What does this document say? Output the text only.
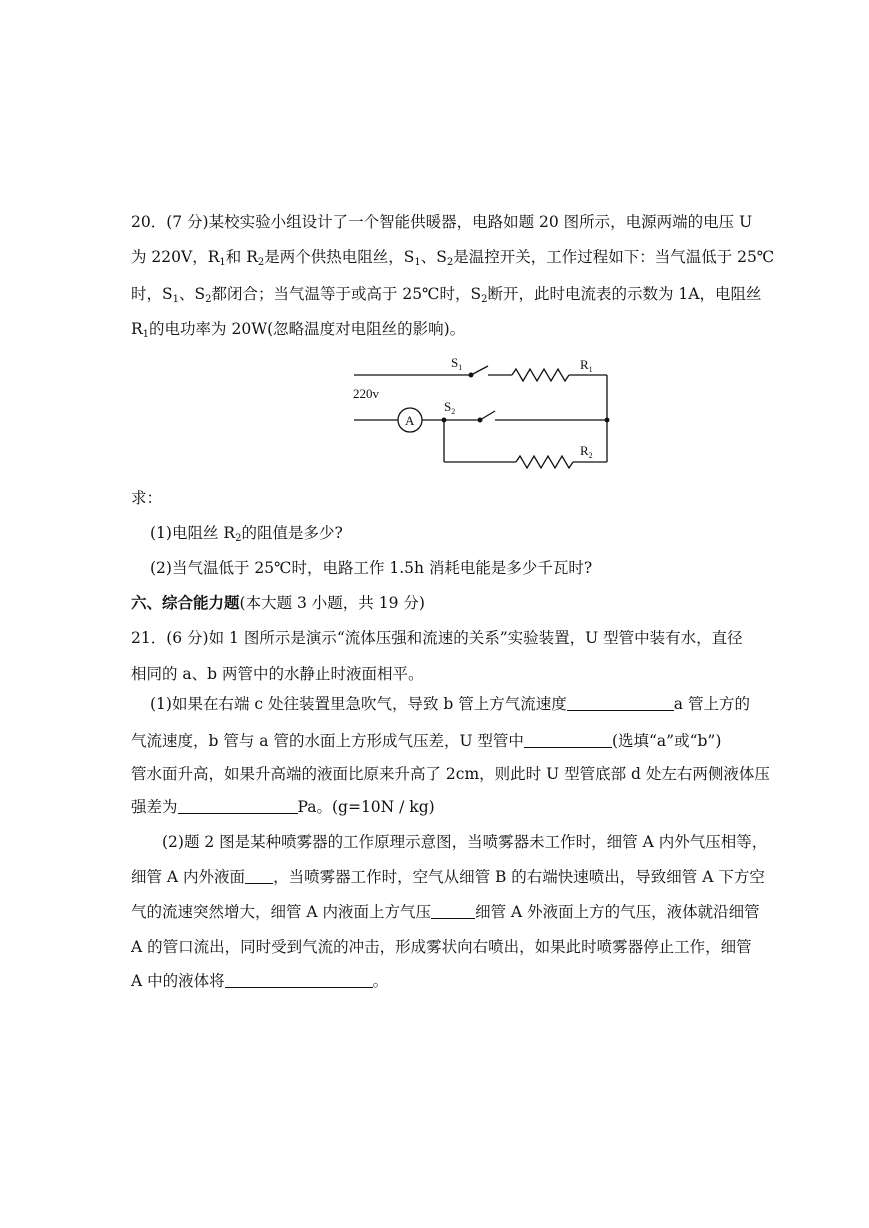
20．(7 分)某校实验小组设计了一个智能供暖器，电路如题 20 图所示，电源两端的电压 U
为 220V，$R_1$和 $R_2$是两个供热电阻丝，$S_1$、$S_2$是温控开关，工作过程如下：当气温低于 25℃
时，$S_1$、$S_2$都闭合；当气温等于或高于 25℃时，$S_2$断开，此时电流表的示数为 1A，电阻丝
$R_1$的电功率为 20W(忽略温度对电阻丝的影响)。
220v
A
$S_1$
$S_2$
$R_1$
$R_2$
求：
(1)电阻丝 $R_2$的阻值是多少?
(2)当气温低于 25℃时，电路工作 1.5h 消耗电能是多少千瓦时?
六、综合能力题(本大题 3 小题，共 19 分)
21．(6 分)如 1 图所示是演示“流体压强和流速的关系”实验装置，U 型管中装有水，直径
相同的 a、b 两管中的水静止时液面相平。
(1)如果在右端 c 处往装置里急吹气，导致 b 管上方气流速度	a 管上方的
气流速度，b 管与 a 管的水面上方形成气压差，U 型管中	(选填“a”或“b”)
管水面升高，如果升高端的液面比原来升高了 2cm，则此时 U 型管底部 d 处左右两侧液体压
强差为	Pa。(g=10N / kg)
(2)题 2 图是某种喷雾器的工作原理示意图，当喷雾器未工作时，细管 A 内外气压相等，
细管 A 内外液面 ，当喷雾器工作时，空气从细管 B 的右端快速喷出，导致细管 A 下方空
气的流速突然增大，细管 A 内液面上方气压	细管 A 外液面上方的气压，液体就沿细管
A 的管口流出，同时受到气流的冲击，形成雾状向右喷出，如果此时喷雾器停止工作，细管
A 中的液体将	。
